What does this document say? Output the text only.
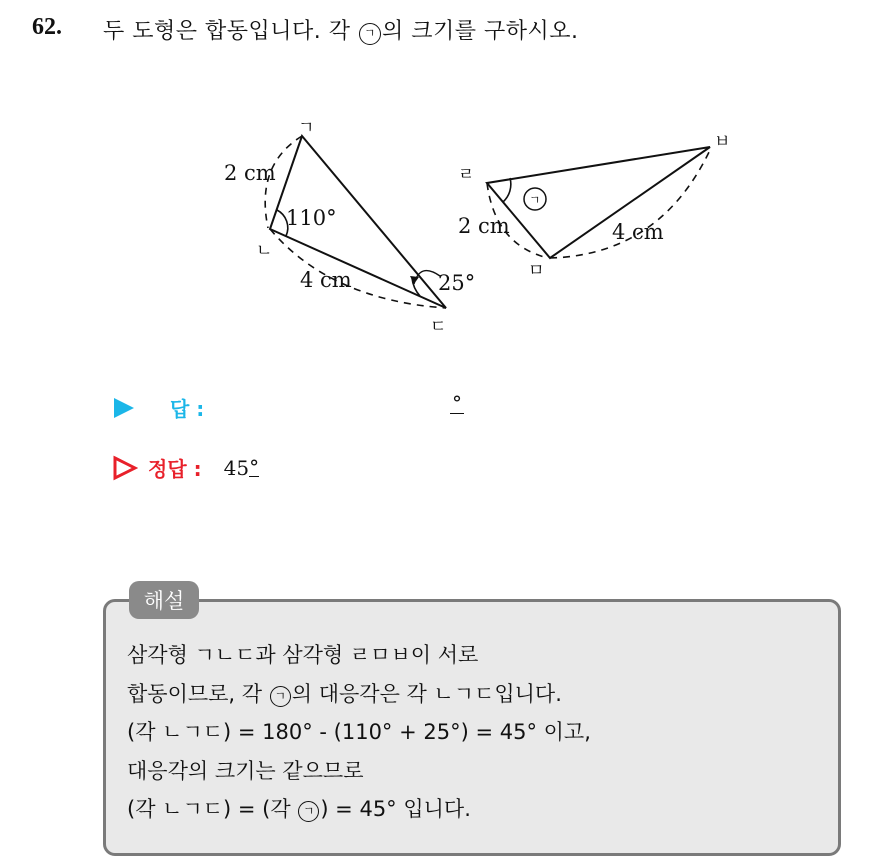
62. 두 도형은 합동입니다. 각 ㄱ 의 크기를 구하시오.
ㄱ
ㄴ
ㄷ
2 cm
4 cm
110°
25°
ㄱ
ㄹ
ㅁ
ㅂ
2 cm	4 cm
답 :	°
정답 : 45 °
해설
삼각형 ㄱㄴㄷ과 삼각형 ㄹㅁㅂ이 서로
합동이므로, 각 ㄱ 의 대응각은 각 ㄴㄱㄷ입니다.
(각 ㄴㄱㄷ) = 180° - (110° + 25°) = 45° 이고,
대응각의 크기는 같으므로
(각 ㄴㄱㄷ) = (각 ㄱ ) = 45° 입니다.
